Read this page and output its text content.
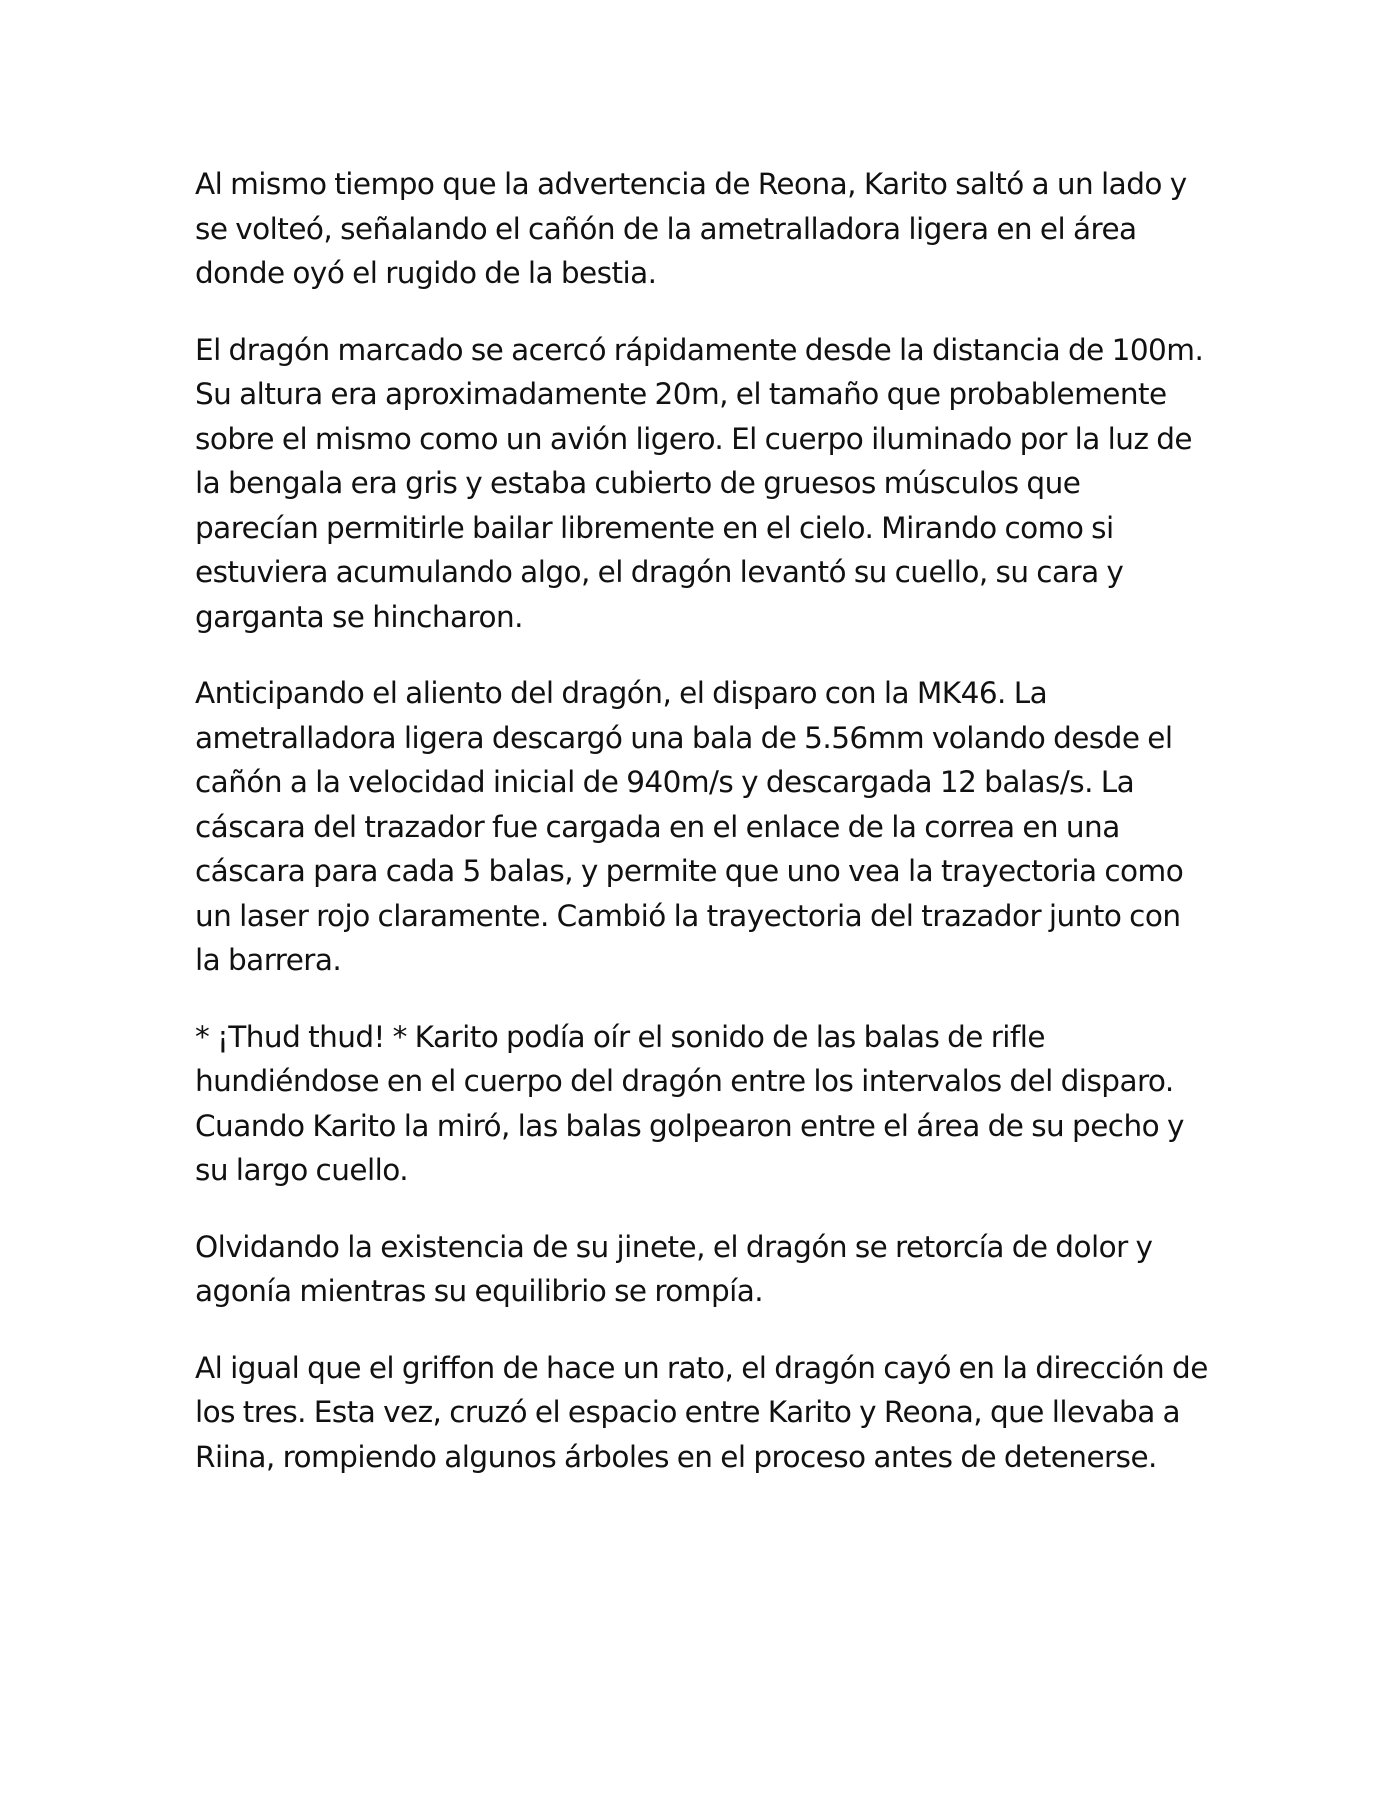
Al mismo tiempo que la advertencia de Reona, Karito saltó a un lado y se volteó, señalando el cañón de la ametralladora ligera en el área donde oyó el rugido de la bestia.

El dragón marcado se acercó rápidamente desde la distancia de 100m. Su altura era aproximadamente 20m, el tamaño que probablemente sobre el mismo como un avión ligero. El cuerpo iluminado por la luz de la bengala era gris y estaba cubierto de gruesos músculos que parecían permitirle bailar libremente en el cielo. Mirando como si estuviera acumulando algo, el dragón levantó su cuello, su cara y garganta se hincharon.

Anticipando el aliento del dragón, el disparo con la MK46. La ametralladora ligera descargó una bala de 5.56mm volando desde el cañón a la velocidad inicial de 940m/s y descargada 12 balas/s. La cáscara del trazador fue cargada en el enlace de la correa en una cáscara para cada 5 balas, y permite que uno vea la trayectoria como un laser rojo claramente. Cambió la trayectoria del trazador junto con la barrera.

* ¡Thud thud! * Karito podía oír el sonido de las balas de rifle hundiéndose en el cuerpo del dragón entre los intervalos del disparo. Cuando Karito la miró, las balas golpearon entre el área de su pecho y su largo cuello.

Olvidando la existencia de su jinete, el dragón se retorcía de dolor y agonía mientras su equilibrio se rompía.

Al igual que el griffon de hace un rato, el dragón cayó en la dirección de los tres. Esta vez, cruzó el espacio entre Karito y Reona, que llevaba a Riina, rompiendo algunos árboles en el proceso antes de detenerse.
